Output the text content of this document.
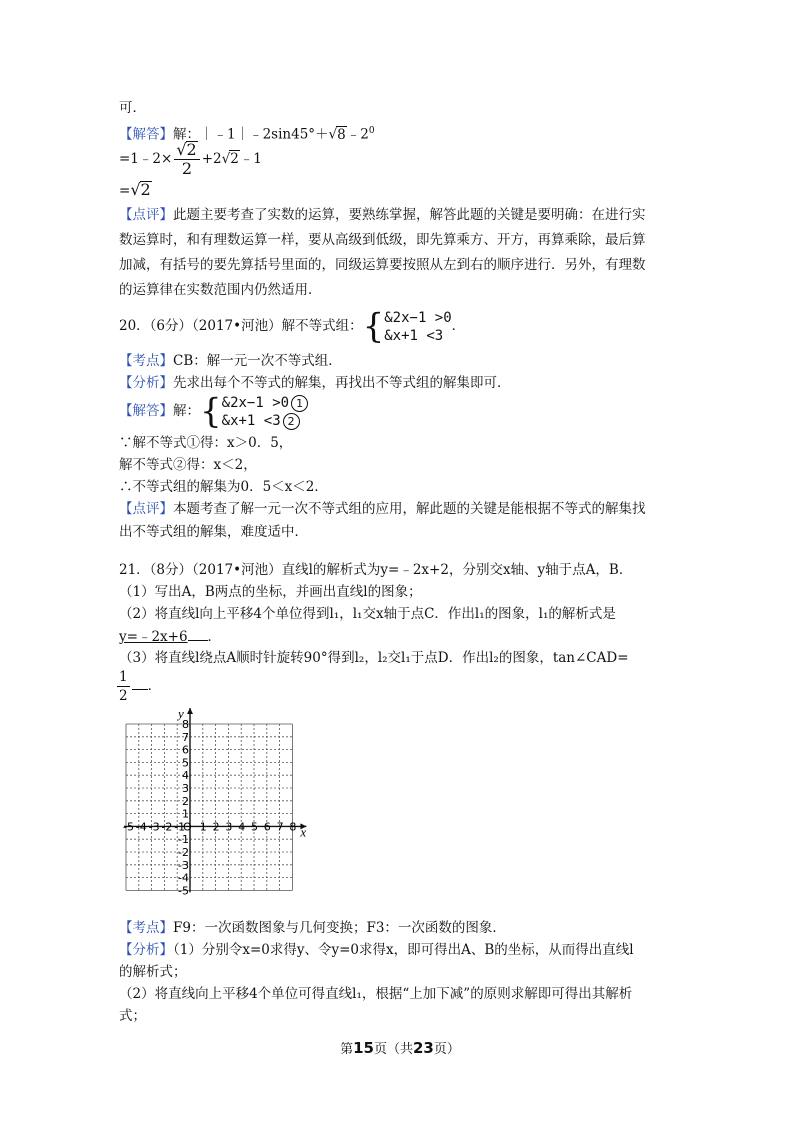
可．
【解答】解：$|﹣1|﹣2\sin 45^\circ+√8﹣2^0$
=1﹣2× $\frac{√2}{2}$ +2√2﹣1
=√2
【点评】此题主要考查了实数的运算，要熟练掌握，解答此题的关键是要明确：在进行实
数运算时，和有理数运算一样，要从高级到低级，即先算乘方、开方，再算乘除，最后算
加减，有括号的要先算括号里面的，同级运算要按照从左到右的顺序进行．另外，有理数
的运算律在实数范围内仍然适用．
20．（6分）（2017•河池）解不等式组：{ &2x−1 >0
&x+1 <3
．
【考点】CB：解一元一次不等式组．
【分析】先求出每个不等式的解集，再找出不等式组的解集即可．
【解答】解：{ &2x−1 >0 1
&x+1 <3 2
∵解不等式①得：x＞0．5，
解不等式②得：x＜2，
∴不等式组的解集为0．5＜x＜2．
【点评】本题考查了解一元一次不等式组的应用，解此题的关键是能根据不等式的解集找
出不等式组的解集，难度适中．
21．（8分）（2017•河池）直线l的解析式为y=﹣2x+2，分别交x轴、y轴于点A，B．
（1）写出A，B两点的坐标，并画出直线l的图象；
（2）将直线l向上平移4个单位得到l₁，l₁交x轴于点C．作出l₁的图象，l₁的解析式是
y=﹣2x+6 ．
（3）将直线l绕点A顺时针旋转90°得到l₂，l₂交l₁于点D．作出l₂的图象，tan∠CAD=
$\frac{1}{2}$ ．
x
y
-5 -4 -3 -2 -1
O 1 2 3 4 5 6 7 8
8
7
6
5
4
3
2
1
-1
-2
-3
-4
-5
【考点】F9：一次函数图象与几何变换；F3：一次函数的图象．
【分析】（1）分别令x=0求得y、令y=0求得x，即可得出A、B的坐标，从而得出直线l
的解析式；
（2）将直线向上平移4个单位可得直线l₁，根据“上加下减”的原则求解即可得出其解析
式；
第15页（共23页）
